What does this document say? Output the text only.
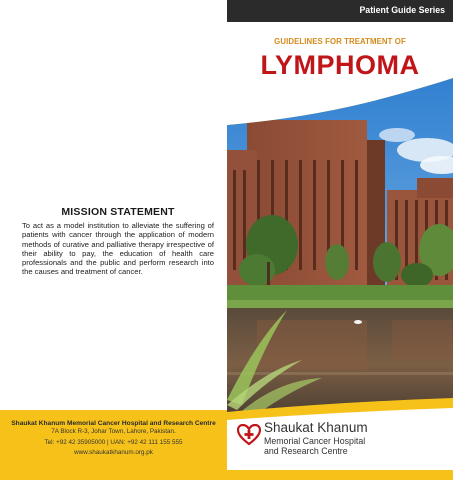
MISSION STATEMENT

To act as a model institution to alleviate the suffering of patients with cancer through the application of modern methods of curative and palliative therapy irrespective of their ability to pay, the education of health care professionals and the public and perform research into the causes and treatment of cancer.

Shaukat Khanum Memorial Cancer Hospital and Research Centre
7A Block R-3, Johar Town, Lahore, Pakistan.
Tel: +92 42 35905000 | UAN: +92 42 111 155 555
www.shaukatkhanum.org.pk
Patient Guide Series
GUIDELINES FOR TREATMENT OF
LYMPHOMA
Shaukat Khanum
Memorial Cancer Hospital
and Research Centre
